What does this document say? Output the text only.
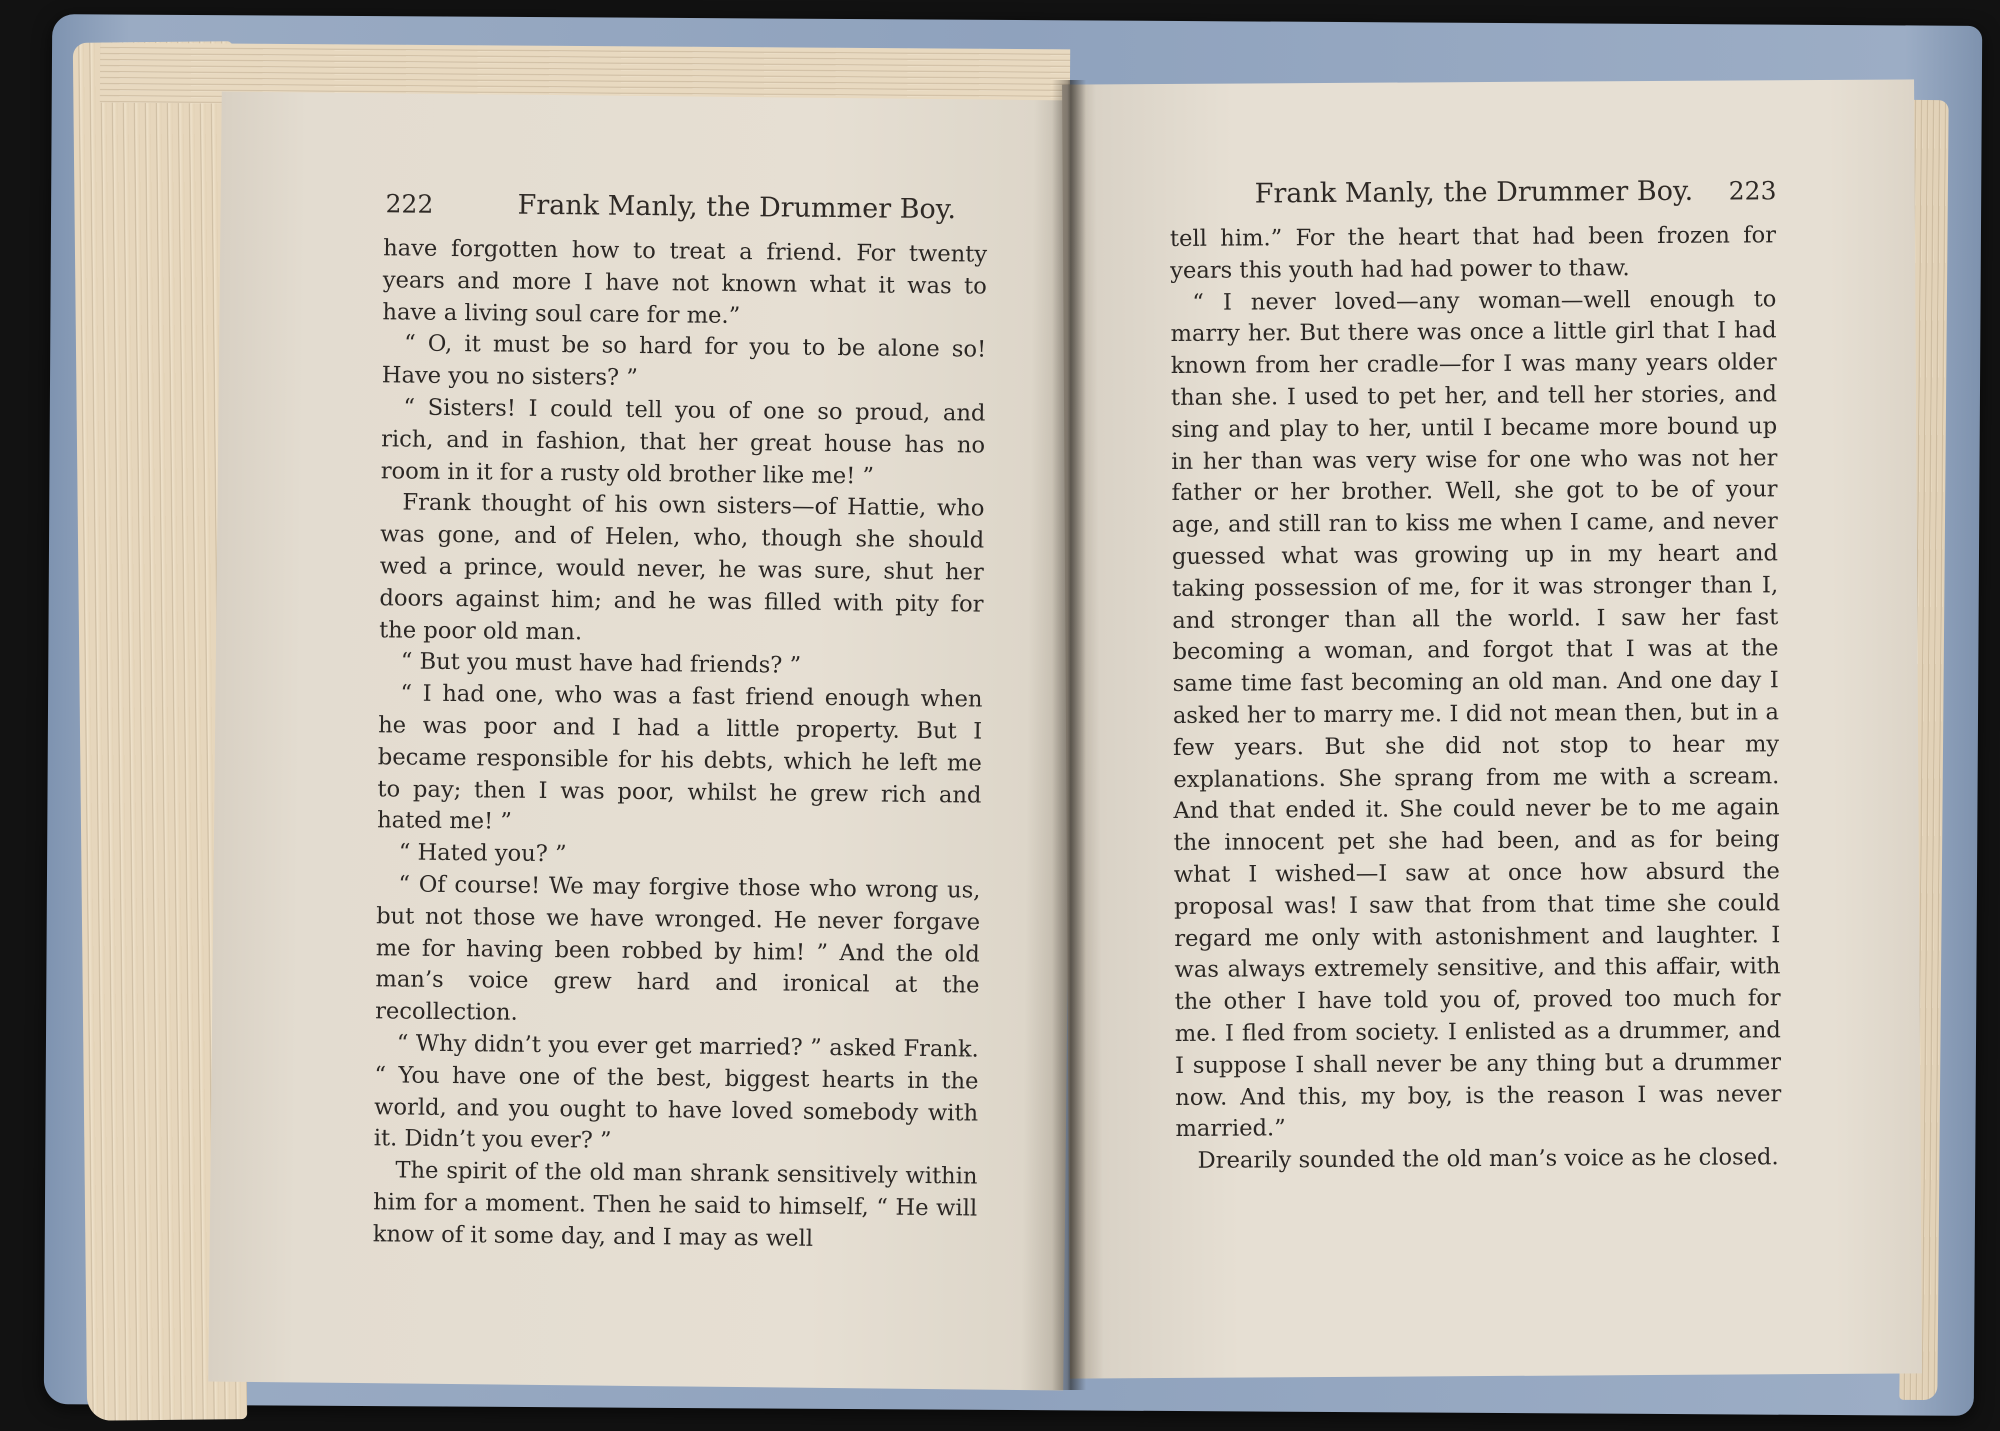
222	Frank Manly, the Drummer Boy.

have forgotten how to treat a friend. For twenty years and more I have not known what it was to have a living soul care for me.”

“ O, it must be so hard for you to be alone so! Have you no sisters? ”

“ Sisters! I could tell you of one so proud, and rich, and in fashion, that her great house has no room in it for a rusty old brother like me! ”

Frank thought of his own sisters—of Hattie, who was gone, and of Helen, who, though she should wed a prince, would never, he was sure, shut her doors against him; and he was filled with pity for the poor old man.

“ But you must have had friends? ”

“ I had one, who was a fast friend enough when he was poor and I had a little property. But I became responsible for his debts, which he left me to pay; then I was poor, whilst he grew rich and hated me! ”

“ Hated you? ”

“ Of course! We may forgive those who wrong us, but not those we have wronged. He never forgave me for having been robbed by him! ” And the old man’s voice grew hard and ironical at the recollection.

“ Why didn’t you ever get married? ” asked Frank. “ You have one of the best, biggest hearts in the world, and you ought to have loved somebody with it. Didn’t you ever? ”

The spirit of the old man shrank sensitively within him for a moment. Then he said to himself, “ He will know of it some day, and I may as well

Frank Manly, the Drummer Boy. 223

tell him.” For the heart that had been frozen for years this youth had had power to thaw.

“ I never loved—any woman—well enough to marry her. But there was once a little girl that I had known from her cradle—for I was many years older than she. I used to pet her, and tell her stories, and sing and play to her, until I became more bound up in her than was very wise for one who was not her father or her brother. Well, she got to be of your age, and still ran to kiss me when I came, and never guessed what was growing up in my heart and taking possession of me, for it was stronger than I, and stronger than all the world. I saw her fast becoming a woman, and forgot that I was at the same time fast becoming an old man. And one day I asked her to marry me. I did not mean then, but in a few years. But she did not stop to hear my explanations. She sprang from me with a scream. And that ended it. She could never be to me again the innocent pet she had been, and as for being what I wished—I saw at once how absurd the proposal was! I saw that from that time she could regard me only with astonishment and laughter. I was always extremely sensitive, and this affair, with the other I have told you of, proved too much for me. I fled from society. I enlisted as a drummer, and I suppose I shall never be any thing but a drummer now. And this, my boy, is the reason I was never married.”

Drearily sounded the old man’s voice as he closed.
